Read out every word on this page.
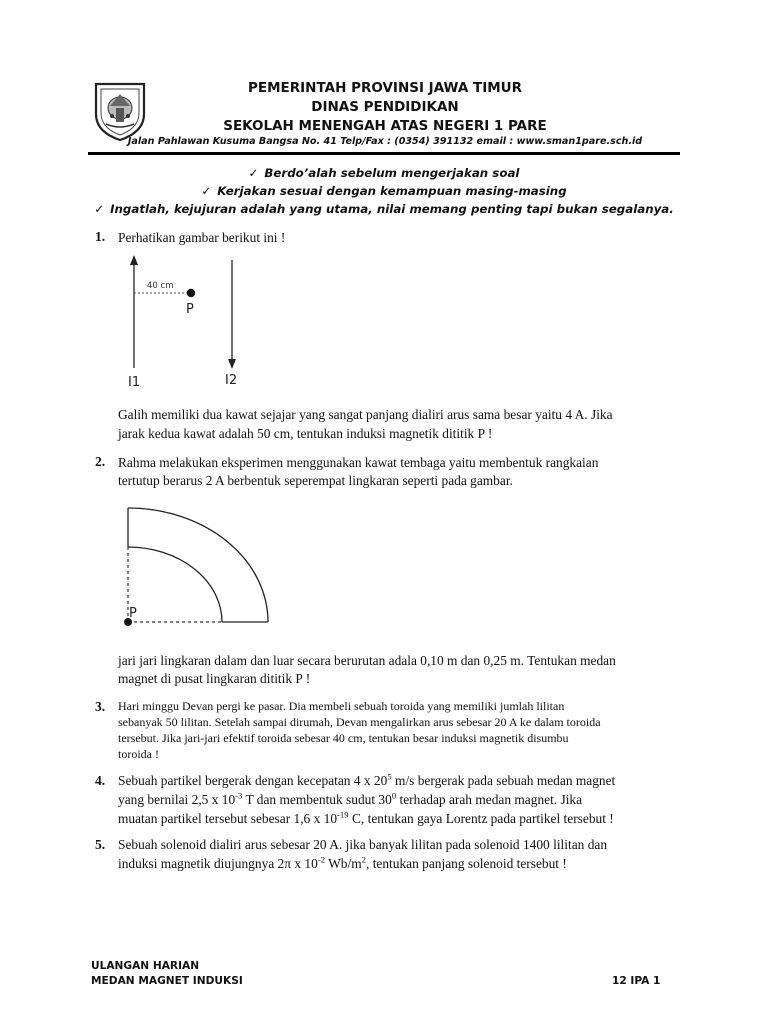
PEMERINTAH PROVINSI JAWA TIMUR
DINAS PENDIDIKAN
SEKOLAH MENENGAH ATAS NEGERI 1 PARE
Jalan Pahlawan Kusuma Bangsa No. 41 Telp/Fax : (0354) 391132 email : www.sman1pare.sch.id
✓ Berdo’alah sebelum mengerjakan soal
✓ Kerjakan sesuai dengan kemampuan masing-masing
✓ Ingatlah, kejujuran adalah yang utama, nilai memang penting tapi bukan segalanya.
1. Perhatikan gambar berikut ini !
40 cm
P
I1	I2
Galih memiliki dua kawat sejajar yang sangat panjang dialiri arus sama besar yaitu 4 A. Jika
jarak kedua kawat adalah 50 cm, tentukan induksi magnetik dititik P !
2. Rahma melakukan eksperimen menggunakan kawat tembaga yaitu membentuk rangkaian
tertutup berarus 2 A berbentuk seperempat lingkaran seperti pada gambar.
P
jari jari lingkaran dalam dan luar secara berurutan adala 0,10 m dan 0,25 m. Tentukan medan
magnet di pusat lingkaran dititik P !
3. Hari minggu Devan pergi ke pasar. Dia membeli sebuah toroida yang memiliki jumlah lilitan
sebanyak 50 lilitan. Setelah sampai dirumah, Devan mengalirkan arus sebesar 20 A ke dalam toroida
tersebut. Jika jari-jari efektif toroida sebesar 40 cm, tentukan besar induksi magnetik disumbu
toroida !
4. Sebuah partikel bergerak dengan kecepatan 4 x $20^5$ m/s bergerak pada sebuah medan magnet
yang bernilai 2,5 x $10^{-3}$ T dan membentuk sudut $30^0$ terhadap arah medan magnet. Jika
muatan partikel tersebut sebesar 1,6 x $10^{-19}$ C, tentukan gaya Lorentz pada partikel tersebut !
5. Sebuah solenoid dialiri arus sebesar 20 A. jika banyak lilitan pada solenoid 1400 lilitan dan
induksi magnetik diujungnya 2π x $10^{-2}$ $Wb/m^2$, tentukan panjang solenoid tersebut !
ULANGAN HARIAN
MEDAN MAGNET INDUKSI	12 IPA 1
